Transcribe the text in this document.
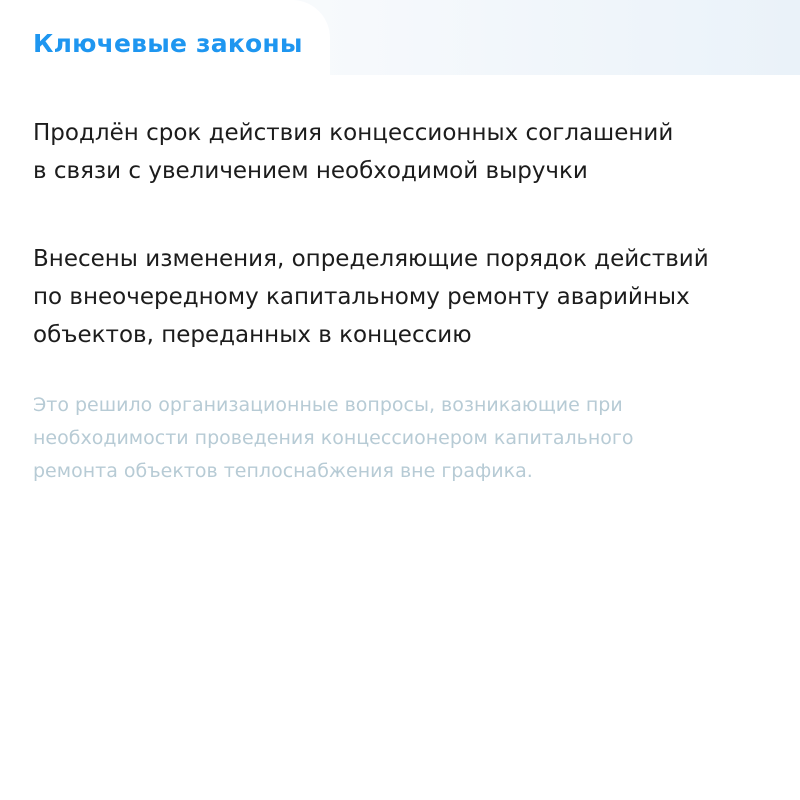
Ключевые законы

Продлён срок действия концессионных соглашений
в связи с увеличением необходимой выручки

Внесены изменения, определяющие порядок действий
по внеочередному капитальному ремонту аварийных
объектов, переданных в концессию

Это решило организационные вопросы, возникающие при
необходимости проведения концессионером капитального
ремонта объектов теплоснабжения вне графика.
